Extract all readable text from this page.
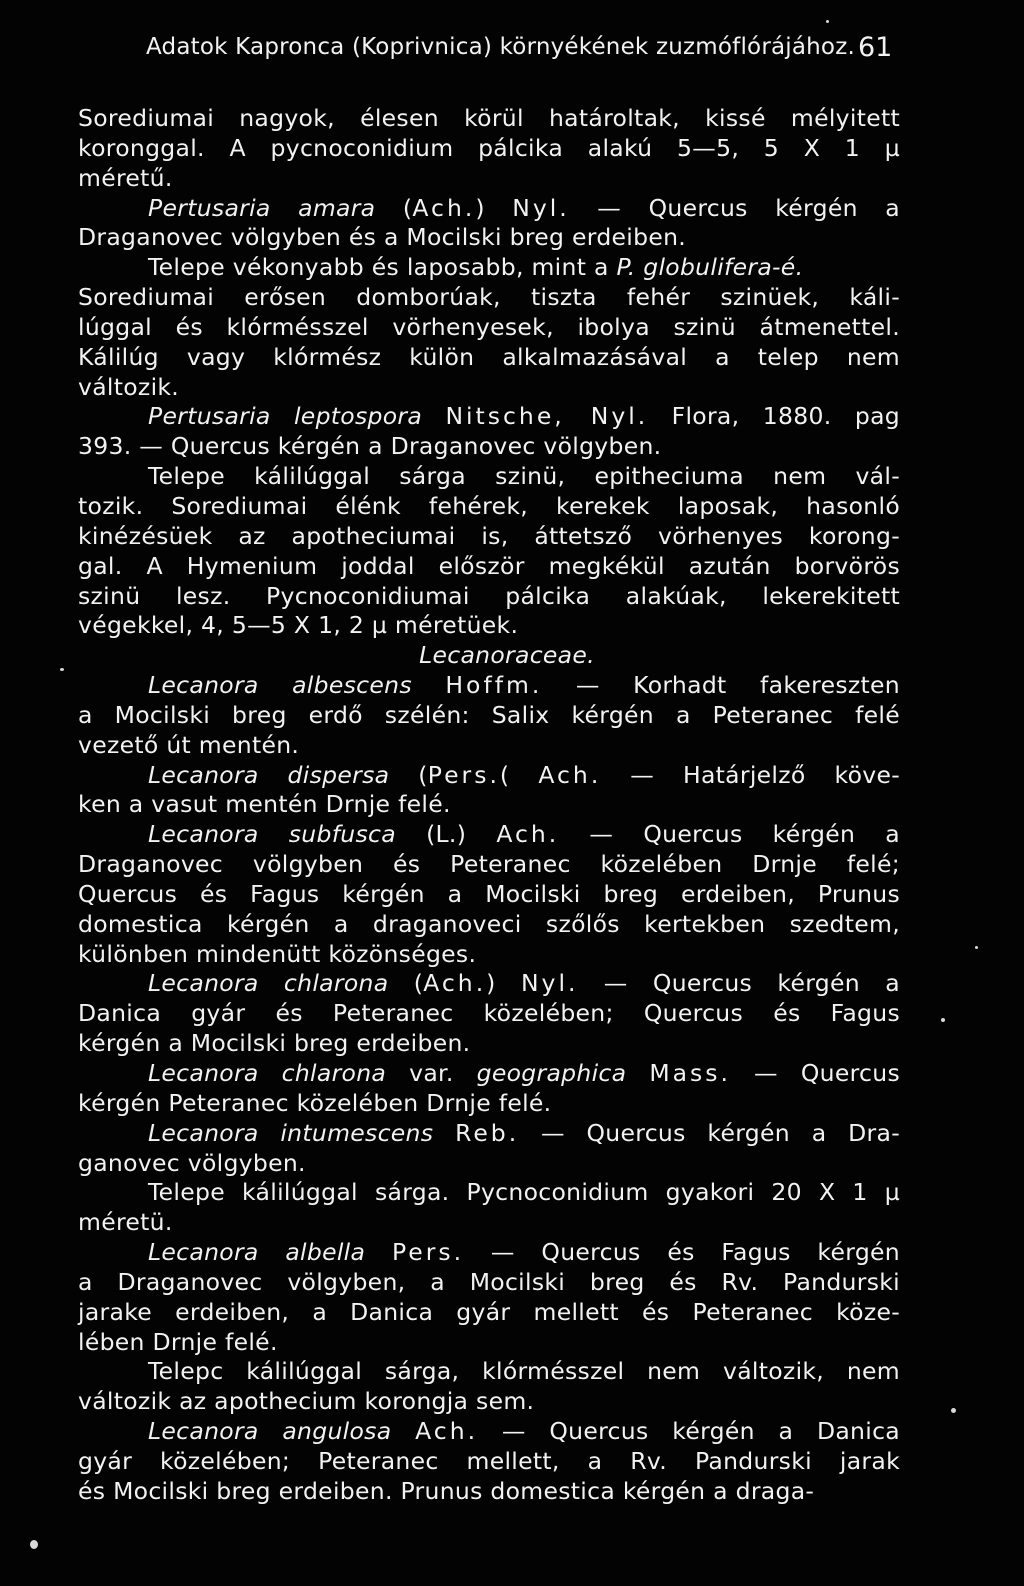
Adatok Kapronca (Koprivnica) környékének zuzmóflórájához. 61
Sorediumai nagyok, élesen körül határoltak, kissé mélyitett
koronggal. A pycnoconidium pálcika alakú 5—5, 5 X 1 µ
méretű.
Pertusaria amara (Ach.) Nyl. — Quercus kérgén a
Draganovec völgyben és a Mocilski breg erdeiben.
Telepe vékonyabb és laposabb, mint a P. globulifera-é.
Sorediumai erősen domborúak, tiszta fehér szinüek, káli-
lúggal és klórmésszel vörhenyesek, ibolya szinü átmenettel.
Kálilúg vagy klórmész külön alkalmazásával a telep nem
változik.
Pertusaria leptospora Nitsche, Nyl. Flora, 1880. pag
393. — Quercus kérgén a Draganovec völgyben.
Telepe kálilúggal sárga szinü, epitheciuma nem vál-
tozik. Sorediumai élénk fehérek, kerekek laposak, hasonló
kinézésüek az apotheciumai is, áttetsző vörhenyes korong-
gal. A Hymenium joddal először megkékül azután borvörös
szinü lesz. Pycnoconidiumai pálcika alakúak, lekerekitett
végekkel, 4, 5—5 X 1, 2 µ méretüek.
Lecanoraceae.
Lecanora albescens Hoffm. — Korhadt fakereszten
a Mocilski breg erdő szélén: Salix kérgén a Peteranec felé
vezető út mentén.
Lecanora dispersa (Pers.( Ach. — Határjelző köve-
ken a vasut mentén Drnje felé.
Lecanora subfusca (L.) Ach. — Quercus kérgén a
Draganovec völgyben és Peteranec közelében Drnje felé;
Quercus és Fagus kérgén a Mocilski breg erdeiben, Prunus
domestica kérgén a draganoveci szőlős kertekben szedtem,
különben mindenütt közönséges.
Lecanora chlarona (Ach.) Nyl. — Quercus kérgén a
Danica gyár és Peteranec közelében; Quercus és Fagus
kérgén a Mocilski breg erdeiben.
Lecanora chlarona var. geographica Mass. — Quercus
kérgén Peteranec közelében Drnje felé.
Lecanora intumescens Reb. — Quercus kérgén a Dra-
ganovec völgyben.
Telepe kálilúggal sárga. Pycnoconidium gyakori 20 X 1 µ
méretü.
Lecanora albella Pers. — Quercus és Fagus kérgén
a Draganovec völgyben, a Mocilski breg és Rv. Pandurski
jarake erdeiben, a Danica gyár mellett és Peteranec köze-
lében Drnje felé.
Telepc kálilúggal sárga, klórmésszel nem változik, nem
változik az apothecium korongja sem.
Lecanora angulosa Ach. — Quercus kérgén a Danica
gyár közelében; Peteranec mellett, a Rv. Pandurski jarak
és Mocilski breg erdeiben. Prunus domestica kérgén a draga-
